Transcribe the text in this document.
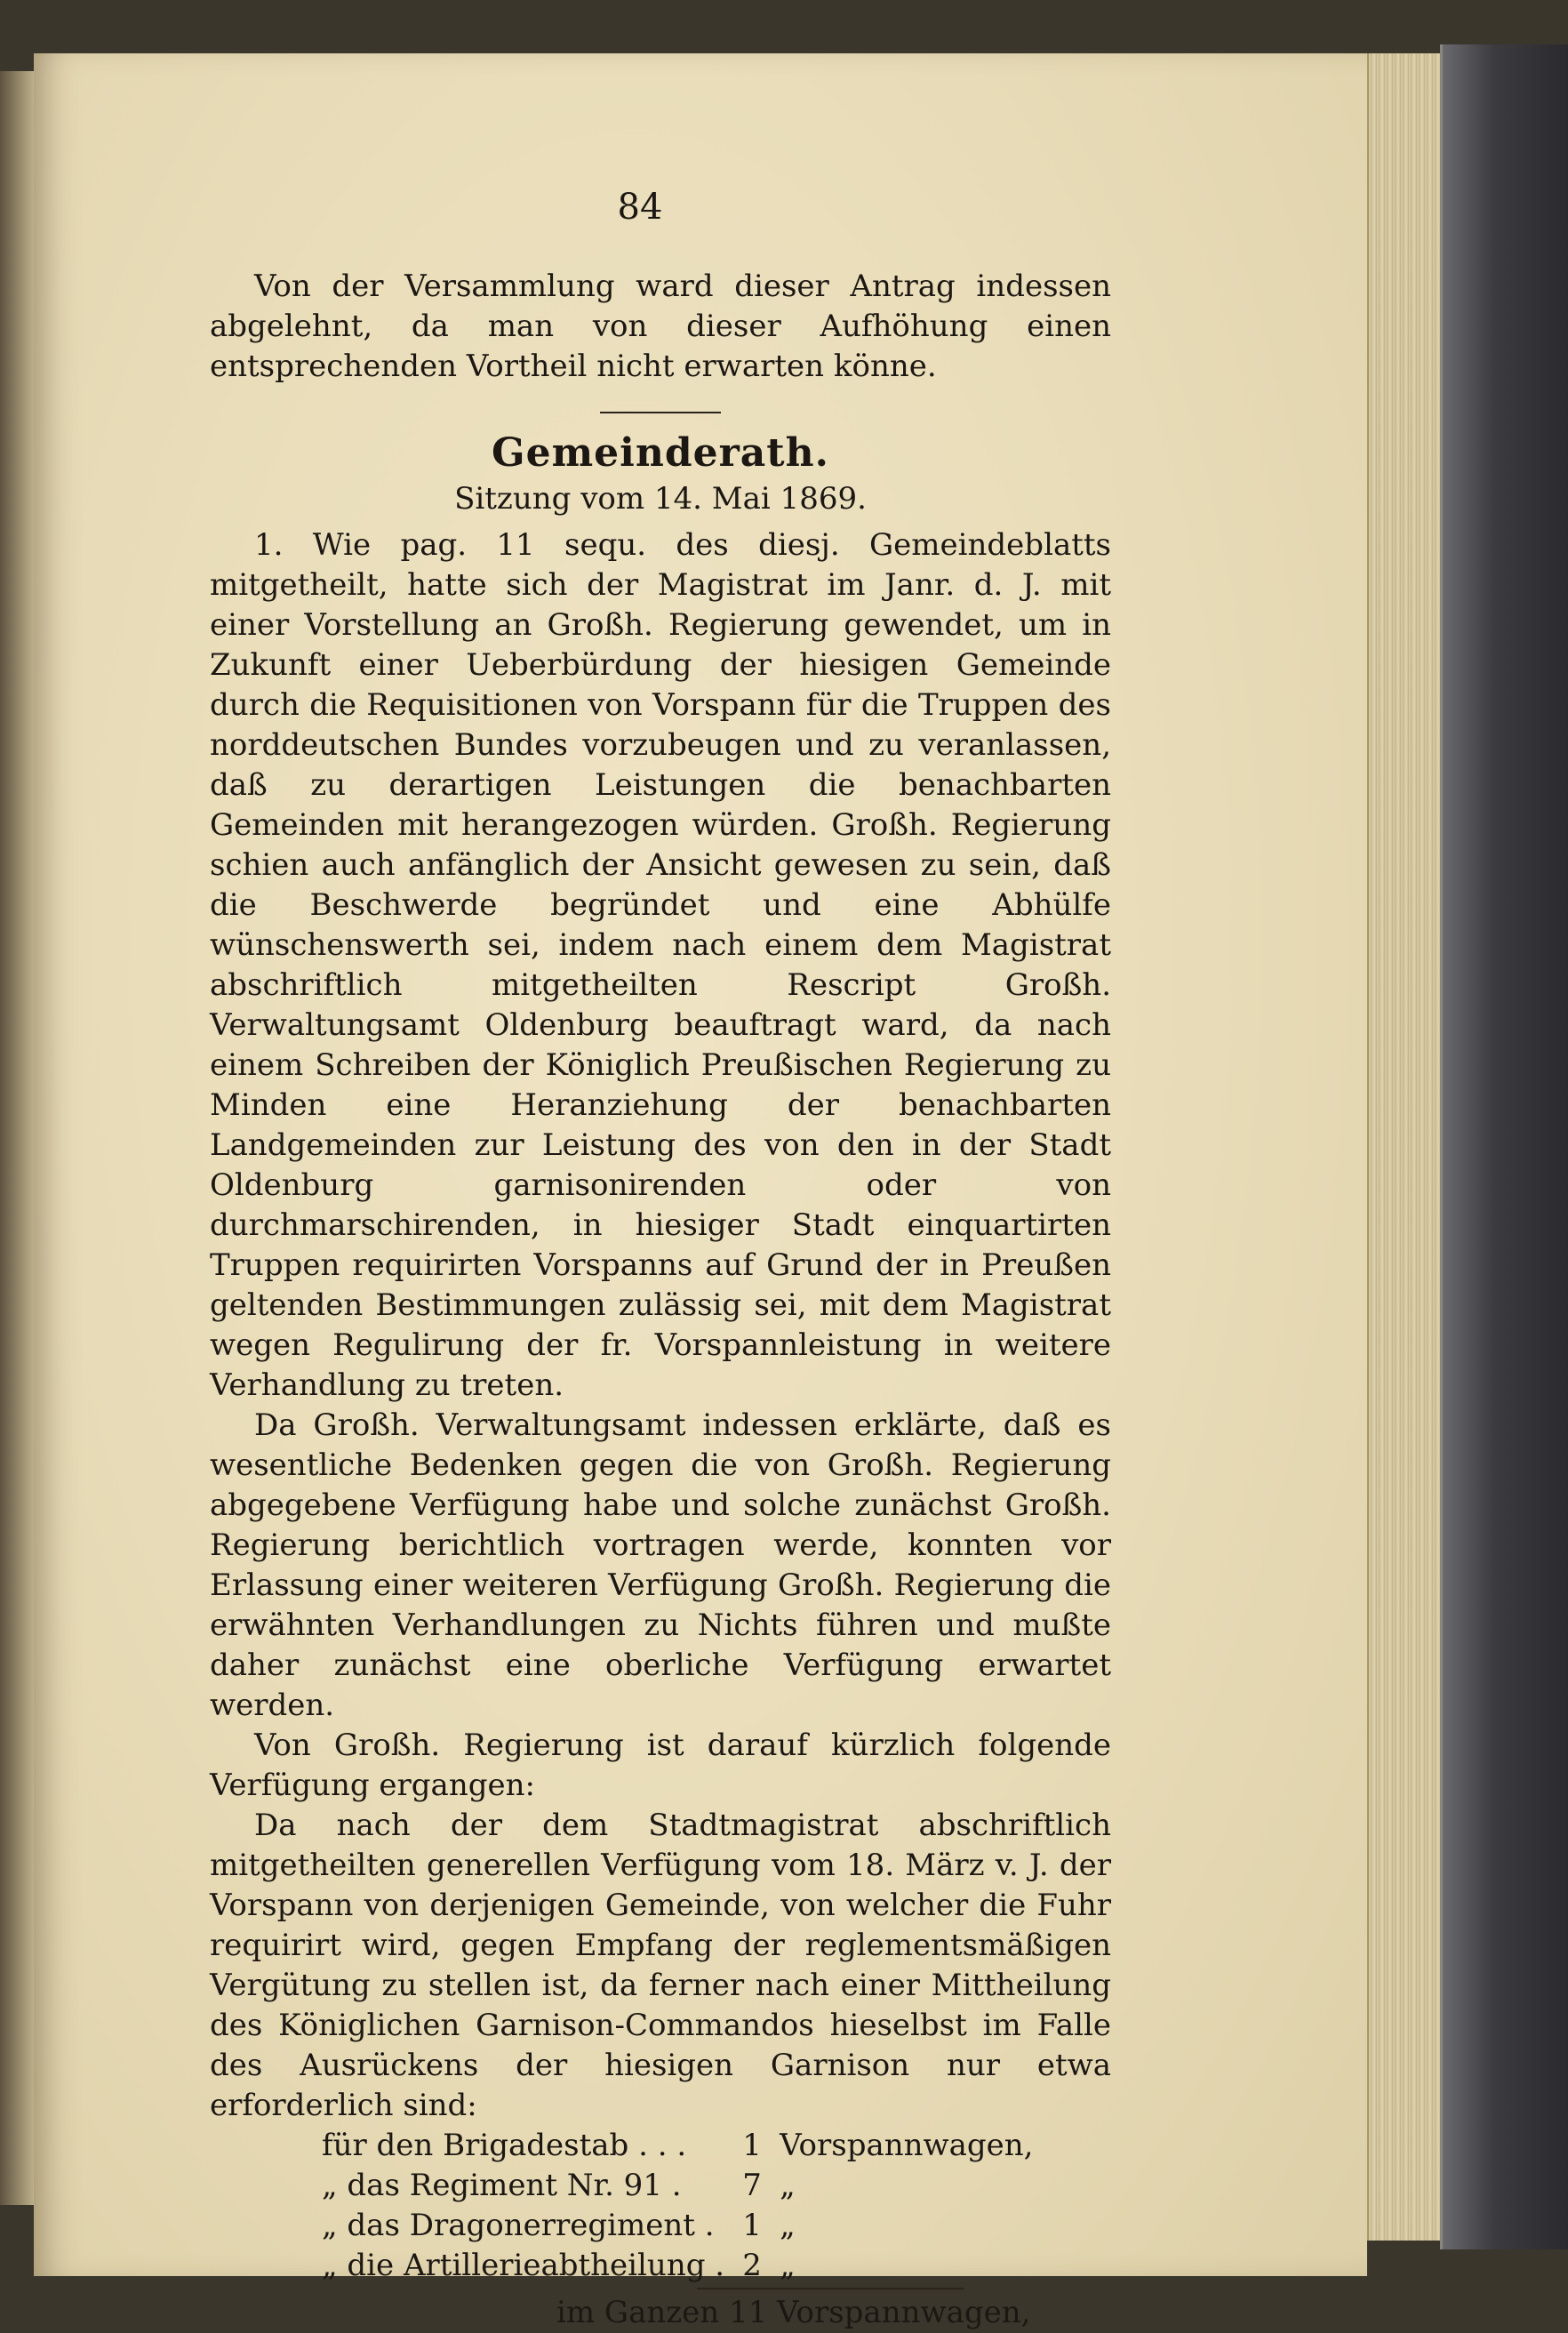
84

Von der Versammlung ward dieser Antrag indessen abgelehnt, da man von dieser Aufhöhung einen entsprechenden Vortheil nicht erwarten könne.

Gemeinderath.
Sitzung vom 14. Mai 1869.

1. Wie pag. 11 sequ. des diesj. Gemeindeblatts mitgetheilt, hatte sich der Magistrat im Janr. d. J. mit einer Vorstellung an Großh. Regierung gewendet, um in Zukunft einer Ueberbürdung der hiesigen Gemeinde durch die Requisitionen von Vorspann für die Truppen des norddeutschen Bundes vorzubeugen und zu veranlassen, daß zu derartigen Leistungen die benachbarten Gemeinden mit herangezogen würden. Großh. Regierung schien auch anfänglich der Ansicht gewesen zu sein, daß die Beschwerde begründet und eine Abhülfe wünschenswerth sei, indem nach einem dem Magistrat abschriftlich mitgetheilten Rescript Großh. Verwaltungsamt Oldenburg beauftragt ward, da nach einem Schreiben der Königlich Preußischen Regierung zu Minden eine Heranziehung der benachbarten Landgemeinden zur Leistung des von den in der Stadt Oldenburg garnisonirenden oder von durchmarschirenden, in hiesiger Stadt einquartirten Truppen requirirten Vorspanns auf Grund der in Preußen geltenden Bestimmungen zulässig sei, mit dem Magistrat wegen Regulirung der fr. Vorspannleistung in weitere Verhandlung zu treten.

Da Großh. Verwaltungsamt indessen erklärte, daß es wesentliche Bedenken gegen die von Großh. Regierung abgegebene Verfügung habe und solche zunächst Großh. Regierung berichtlich vortragen werde, konnten vor Erlassung einer weiteren Verfügung Großh. Regierung die erwähnten Verhandlungen zu Nichts führen und mußte daher zunächst eine oberliche Verfügung erwartet werden.

Von Großh. Regierung ist darauf kürzlich folgende Verfügung ergangen:

Da nach der dem Stadtmagistrat abschriftlich mitgetheilten generellen Verfügung vom 18. März v. J. der Vorspann von derjenigen Gemeinde, von welcher die Fuhr requirirt wird, gegen Empfang der reglementsmäßigen Vergütung zu stellen ist, da ferner nach einer Mittheilung des Königlichen Garnison-Commandos hieselbst im Falle des Ausrückens der hiesigen Garnison nur etwa erforderlich sind:

für den Brigadestab . . .	1	Vorspannwagen,
„ das Regiment Nr. 91 .	7	„
„ das Dragonerregiment .	1	„
„ die Artillerieabtheilung .	2	„
im Ganzen 11 Vorspannwagen,
